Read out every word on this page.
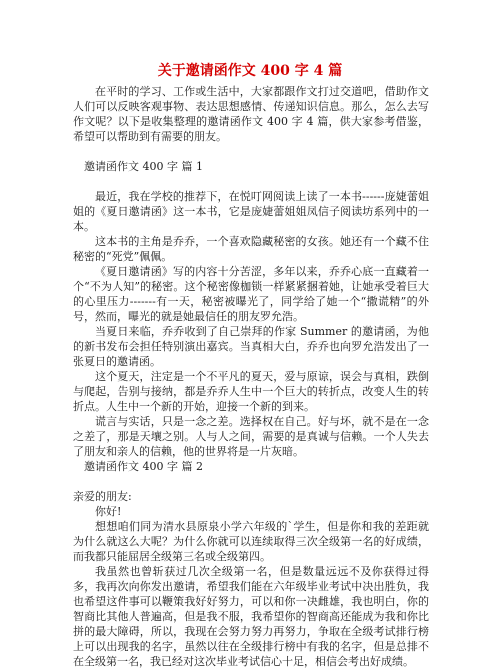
关于邀请函作文 400 字 4 篇

在平时的学习、工作或生活中，大家都跟作文打过交道吧，借助作文人们可以反映客观事物、表达思想感情、传递知识信息。那么，怎么去写作文呢？以下是收集整理的邀请函作文 400 字 4 篇，供大家参考借鉴，希望可以帮助到有需要的朋友。

邀请函作文 400 字 篇 1

最近，我在学校的推荐下，在悦叮网阅读上读了一本书------庞婕蕾姐姐的《夏日邀请函》这一本书，它是庞婕蕾姐姐凤信子阅读坊系列中的一本。

这本书的主角是乔乔，一个喜欢隐藏秘密的女孩。她还有一个藏不住秘密的“死党”佩佩。

《夏日邀请函》写的内容十分苦涩，多年以来，乔乔心底一直藏着一个“不为人知”的秘密。这个秘密像枷锁一样紧紧捆着她，让她承受着巨大的心里压力-------有一天，秘密被曝光了，同学给了她一个“撒谎精”的外号，然而，曝光的就是她最信任的朋友罗允浩。

当夏日来临，乔乔收到了自己崇拜的作家 Summer 的邀请函，为他的新书发布会担任特别演出嘉宾。当真相大白，乔乔也向罗允浩发出了一张夏日的邀请函。

这个夏天，注定是一个不平凡的夏天，爱与原谅，误会与真相，跌倒与爬起，告别与接纳，都是乔乔人生中一个巨大的转折点，改变人生的转折点。人生中一个新的开始，迎接一个新的到来。

谎言与实话，只是一念之差。选择权在自己。好与坏，就不是在一念之差了，那是天壤之别。人与人之间，需要的是真诚与信赖。一个人失去了朋友和亲人的信赖，他的世界将是一片灰暗。

邀请函作文 400 字 篇 2

亲爱的朋友:

你好!

想想咱们同为清水县原泉小学六年级的`学生，但是你和我的差距就为什么就这么大呢？为什么你就可以连续取得三次全级第一名的好成绩，而我都只能屈居全级第三名或全级第四。

我虽然也曾斩获过几次全级第一名，但是数量远远不及你获得过得多，我再次向你发出邀请，希望我们能在六年级毕业考试中决出胜负，我也希望这件事可以鞭策我好好努力，可以和你一决雌雄，我也明白，你的智商比其他人普遍高，但是我不服，我希望你的智商高还能成为我和你比拼的最大障碍，所以，我现在会努力努力再努力，争取在全级考试排行榜上可以出现我的名字，虽然以往在全级排行榜中有我的名字，但是总排不在全级第一名，我已经对这次毕业考试信心十足，相信会考出好成绩。
